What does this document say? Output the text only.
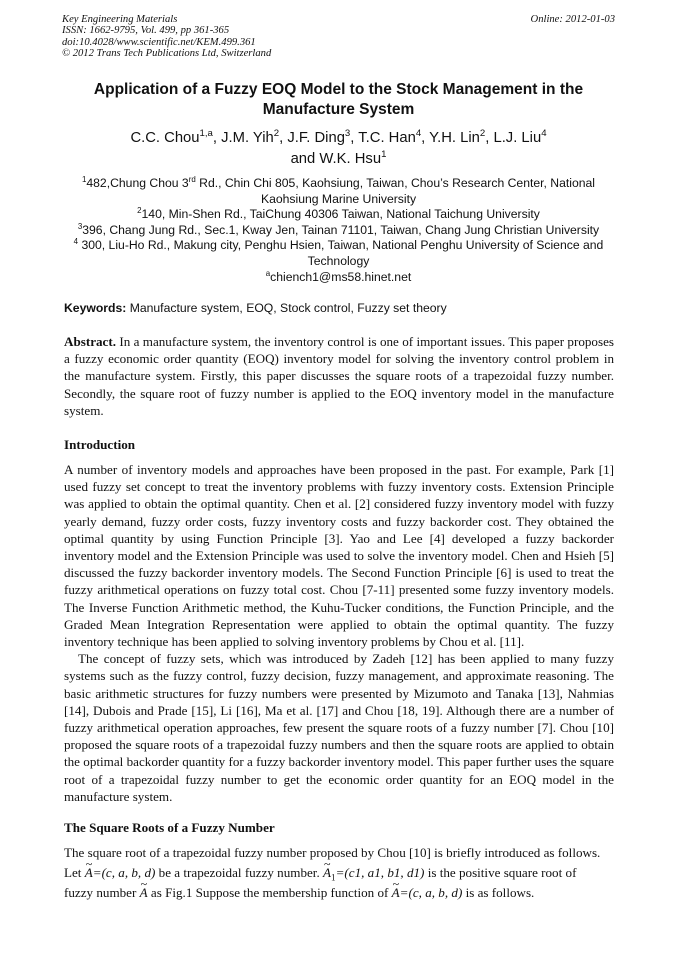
Key Engineering Materials
ISSN: 1662-9795, Vol. 499, pp 361-365
doi:10.4028/www.scientific.net/KEM.499.361
© 2012 Trans Tech Publications Ltd, Switzerland
Online: 2012-01-03
Application of a Fuzzy EOQ Model to the Stock Management in the Manufacture System
C.C. Chou$^{1,a}$, J.M. Yih$^2$, J.F. Ding$^3$, T.C. Han$^4$, Y.H. Lin$^2$, L.J. Liu$^4$
and W.K. Hsu$^1$
$^1$482,Chung Chou 3rd Rd., Chin Chi 805, Kaohsiung, Taiwan, Chou’s Research Center, National Kaohsiung Marine University
$^2$140, Min-Shen Rd., TaiChung 40306 Taiwan, National Taichung University
$^3$396, Chang Jung Rd., Sec.1, Kway Jen, Tainan 71101, Taiwan, Chang Jung Christian University
$^4$ 300, Liu-Ho Rd., Makung city, Penghu Hsien, Taiwan, National Penghu University of Science and Technology
$^a$chiench1@ms58.hinet.net
Keywords: Manufacture system, EOQ, Stock control, Fuzzy set theory
Abstract. In a manufacture system, the inventory control is one of important issues. This paper proposes a fuzzy economic order quantity (EOQ) inventory model for solving the inventory control problem in the manufacture system. Firstly, this paper discusses the square roots of a trapezoidal fuzzy number. Secondly, the square root of fuzzy number is applied to the EOQ inventory model in the manufacture system.
Introduction

A number of inventory models and approaches have been proposed in the past. For example, Park [1] used fuzzy set concept to treat the inventory problems with fuzzy inventory costs. Extension Principle was applied to obtain the optimal quantity. Chen et al. [2] considered fuzzy inventory model with fuzzy yearly demand, fuzzy order costs, fuzzy inventory costs and fuzzy backorder cost. They obtained the optimal quantity by using Function Principle [3]. Yao and Lee [4] developed a fuzzy backorder inventory model and the Extension Principle was used to solve the inventory model. Chen and Hsieh [5] discussed the fuzzy backorder inventory models. The Second Function Principle [6] is used to treat the fuzzy arithmetical operations on fuzzy total cost. Chou [7-11] presented some fuzzy inventory models. The Inverse Function Arithmetic method, the Kuhu-Tucker conditions, the Function Principle, and the Graded Mean Integration Representation were applied to obtain the optimal quantity. The fuzzy inventory technique has been applied to solving inventory problems by Chou et al. [11].

The concept of fuzzy sets, which was introduced by Zadeh [12] has been applied to many fuzzy systems such as the fuzzy control, fuzzy decision, fuzzy management, and approximate reasoning. The basic arithmetic structures for fuzzy numbers were presented by Mizumoto and Tanaka [13], Nahmias [14], Dubois and Prade [15], Li [16], Ma et al. [17] and Chou [18, 19]. Although there are a number of fuzzy arithmetical operation approaches, few present the square roots of a fuzzy number [7]. Chou [10] proposed the square roots of a trapezoidal fuzzy numbers and then the square roots are applied to obtain the optimal backorder quantity for a fuzzy backorder inventory model. This paper further uses the square root of a trapezoidal fuzzy number to get the economic order quantity for an EOQ model in the manufacture system.

The Square Roots of a Fuzzy Number
The square root of a trapezoidal fuzzy number proposed by Chou [10] is briefly introduced as follows.
Let ~ A=(c, a, b, d) be a trapezoidal fuzzy number. ~ $A_1=(c1$, a1, b1, d1) is the positive square root of
fuzzy number ~ A as Fig.1 Suppose the membership function of ~ A=(c, a, b, d) is as follows.
